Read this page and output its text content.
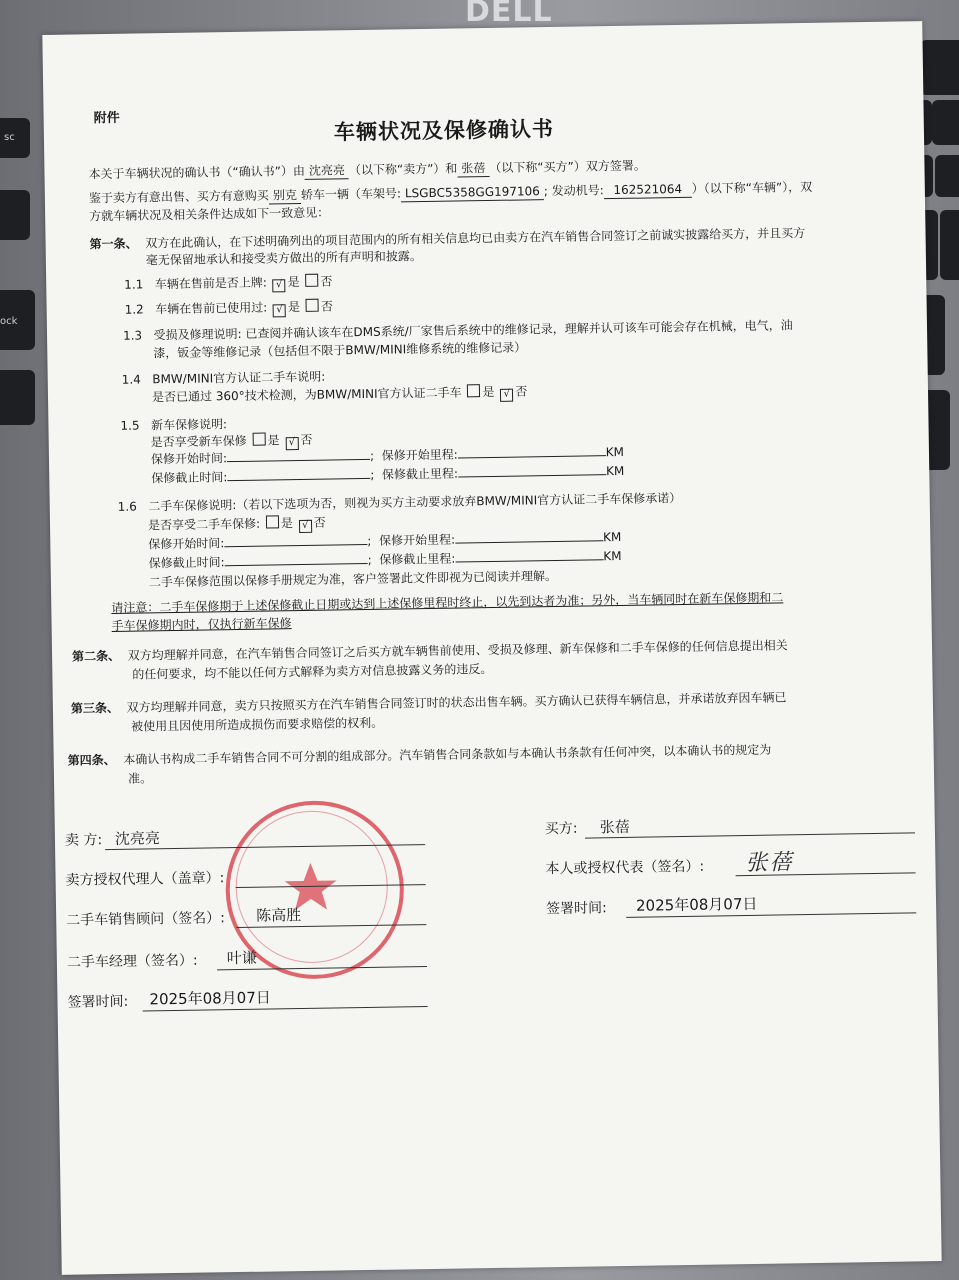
DELL
sc
ock
附件	车辆状况及保修确认书
本关于车辆状况的确认书（“确认书”）由 沈亮亮 （以下称“卖方”）和 张蓓 （以下称“买方”）双方签署。
鉴于卖方有意出售、买方有意购买 别克 轿车一辆（车架号: LSGBC5358GG197106 ; 发动机号: 162521064 ）（以下称“车辆”），双
方就车辆状况及相关条件达成如下一致意见：
第一条、 双方在此确认，在下述明确列出的项目范围内的所有相关信息均已由卖方在汽车销售合同签订之前诚实披露给买方，并且买方
毫无保留地承认和接受卖方做出的所有声明和披露。
1.1 车辆在售前是否上牌: √ 是 否
1.2 车辆在售前已使用过: √ 是 否
1.3 受损及修理说明: 已查阅并确认该车在DMS系统/厂家售后系统中的维修记录，理解并认可该车可能会存在机械，电气，油
漆，钣金等维修记录（包括但不限于BMW/MINI维修系统的维修记录）
1.4 BMW/MINI官方认证二手车说明:
是否已通过 360°技术检测，为BMW/MINI官方认证二手车 是 √ 否
1.5 新车保修说明:
是否享受新车保修 是 √ 否
保修开始时间:	; 保修开始里程:	KM
保修截止时间:	; 保修截止里程:	KM
1.6 二手车保修说明:（若以下选项为否，则视为买方主动要求放弃BMW/MINI官方认证二手车保修承诺）
是否享受二手车保修: 是 √ 否
保修开始时间:	; 保修开始里程:	KM
保修截止时间:	; 保修截止里程:	KM
二手车保修范围以保修手册规定为准，客户签署此文件即视为已阅读并理解。
请注意：二手车保修期于上述保修截止日期或达到上述保修里程时终止，以先到达者为准；另外，当车辆同时在新车保修期和二
手车保修期内时，仅执行新车保修
第二条、 双方均理解并同意，在汽车销售合同签订之后买方就车辆售前使用、受损及修理、新车保修和二手车保修的任何信息提出相关
的任何要求，均不能以任何方式解释为卖方对信息披露义务的违反。
第三条、 双方均理解并同意，卖方只按照买方在汽车销售合同签订时的状态出售车辆。买方确认已获得车辆信息，并承诺放弃因车辆已
被使用且因使用所造成损伤而要求赔偿的权利。
第四条、 本确认书构成二手车销售合同不可分割的组成部分。汽车销售合同条款如与本确认书条款有任何冲突，以本确认书的规定为
准。
卖 方: 沈亮亮
卖方授权代理人（盖章）:
二手车销售顾问（签名）: 陈高胜
二手车经理（签名）: 叶谦
签署时间: 2025年08月07日
买方: 张蓓
本人或授权代表（签名）: 张蓓
签署时间: 2025年08月07日
